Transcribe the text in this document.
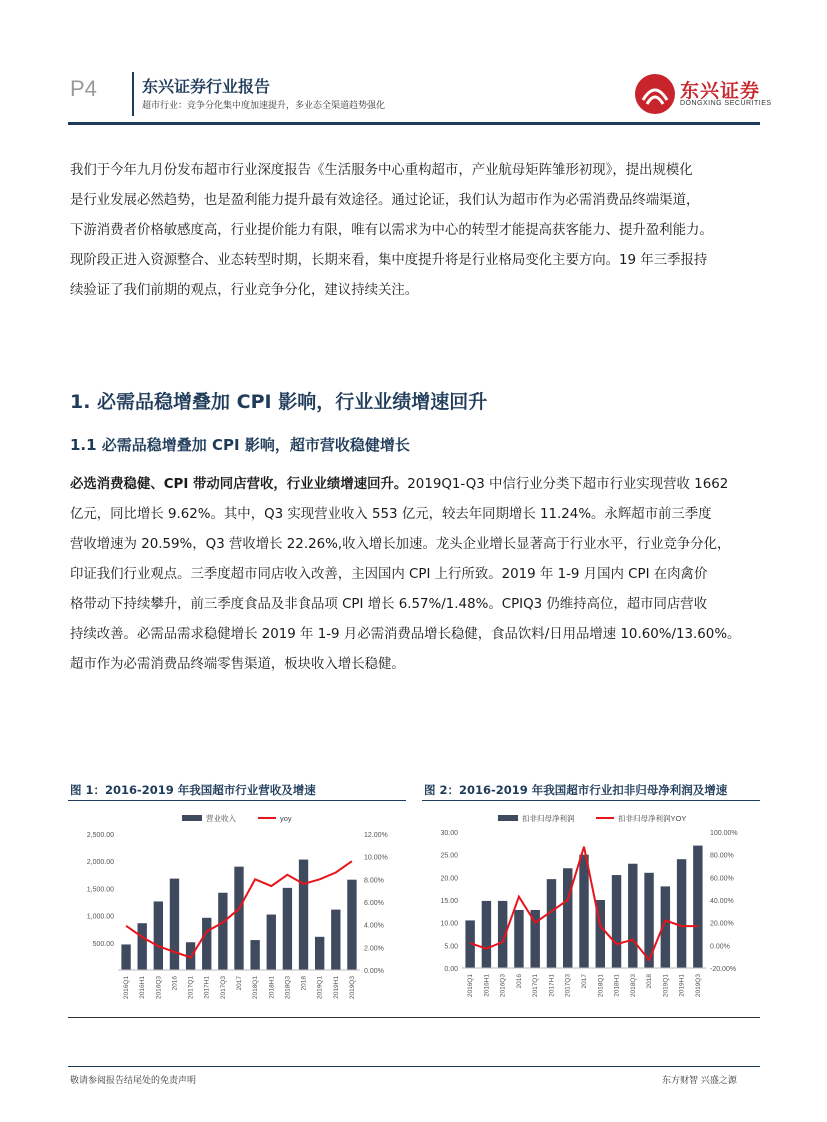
P4	东兴证券行业报告
超市行业：竞争分化集中度加速提升，多业态全渠道趋势强化
东兴证券
DONGXING SECURITIES

我们于今年九月份发布超市行业深度报告《生活服务中心重构超市，产业航母矩阵雏形初现》，提出规模化

是行业发展必然趋势，也是盈利能力提升最有效途径。通过论证，我们认为超市作为必需消费品终端渠道，

下游消费者价格敏感度高，行业提价能力有限，唯有以需求为中心的转型才能提高获客能力、提升盈利能力。

现阶段正进入资源整合、业态转型时期，长期来看，集中度提升将是行业格局变化主要方向。19 年三季报持

续验证了我们前期的观点，行业竞争分化，建议持续关注。

1. 必需品稳增叠加 CPI 影响，行业业绩增速回升
1.1 必需品稳增叠加 CPI 影响，超市营收稳健增长

必选消费稳健、CPI 带动同店营收，行业业绩增速回升。2019Q1-Q3 中信行业分类下超市行业实现营收 1662

亿元，同比增长 9.62%。其中，Q3 实现营业收入 553 亿元，较去年同期增长 11.24%。永辉超市前三季度

营收增速为 20.59%，Q3 营收增长 22.26%,收入增长加速。龙头企业增长显著高于行业水平，行业竞争分化，

印证我们行业观点。三季度超市同店收入改善，主因国内 CPI 上行所致。2019 年 1-9 月国内 CPI 在肉禽价

格带动下持续攀升，前三季度食品及非食品项 CPI 增长 6.57%/1.48%。CPIQ3 仍维持高位，超市同店营收

持续改善。必需品需求稳健增长 2019 年 1-9 月必需消费品增长稳健，食品饮料/日用品增速 10.60%/13.60%。

超市作为必需消费品终端零售渠道，板块收入增长稳健。

图 1：2016-2019 年我国超市行业营收及增速	图 2：2016-2019 年我国超市行业扣非归母净利润及增速
营业收入	yoy
500.00
1,000.00
1,500.00
2,000.00
2,500.00
0.00%
2.00%
4.00%
6.00%
8.00%
10.00%
12.00%
2016Q1 2016H1 2016Q3 2016 2017Q1 2017H1 2017Q3 2017 2018Q1 2018H1 2018Q3 2018 2019Q1 2019H1 2019Q3
扣非归母净利润	扣非归母净利润YOY
0.00
5.00
10.00
15.00
20.00
25.00
30.00
-20.00%
0.00%
20.00%
40.00%
60.00%
80.00%
100.00%
2016Q1 2016H1 2016Q3 2016 2017Q1 2017H1 2017Q3 2017 2018Q1 2018H1 2018Q3 2018 2019Q1 2019H1 2019Q3
敬请参阅报告结尾处的免责声明	东方财智 兴盛之源
